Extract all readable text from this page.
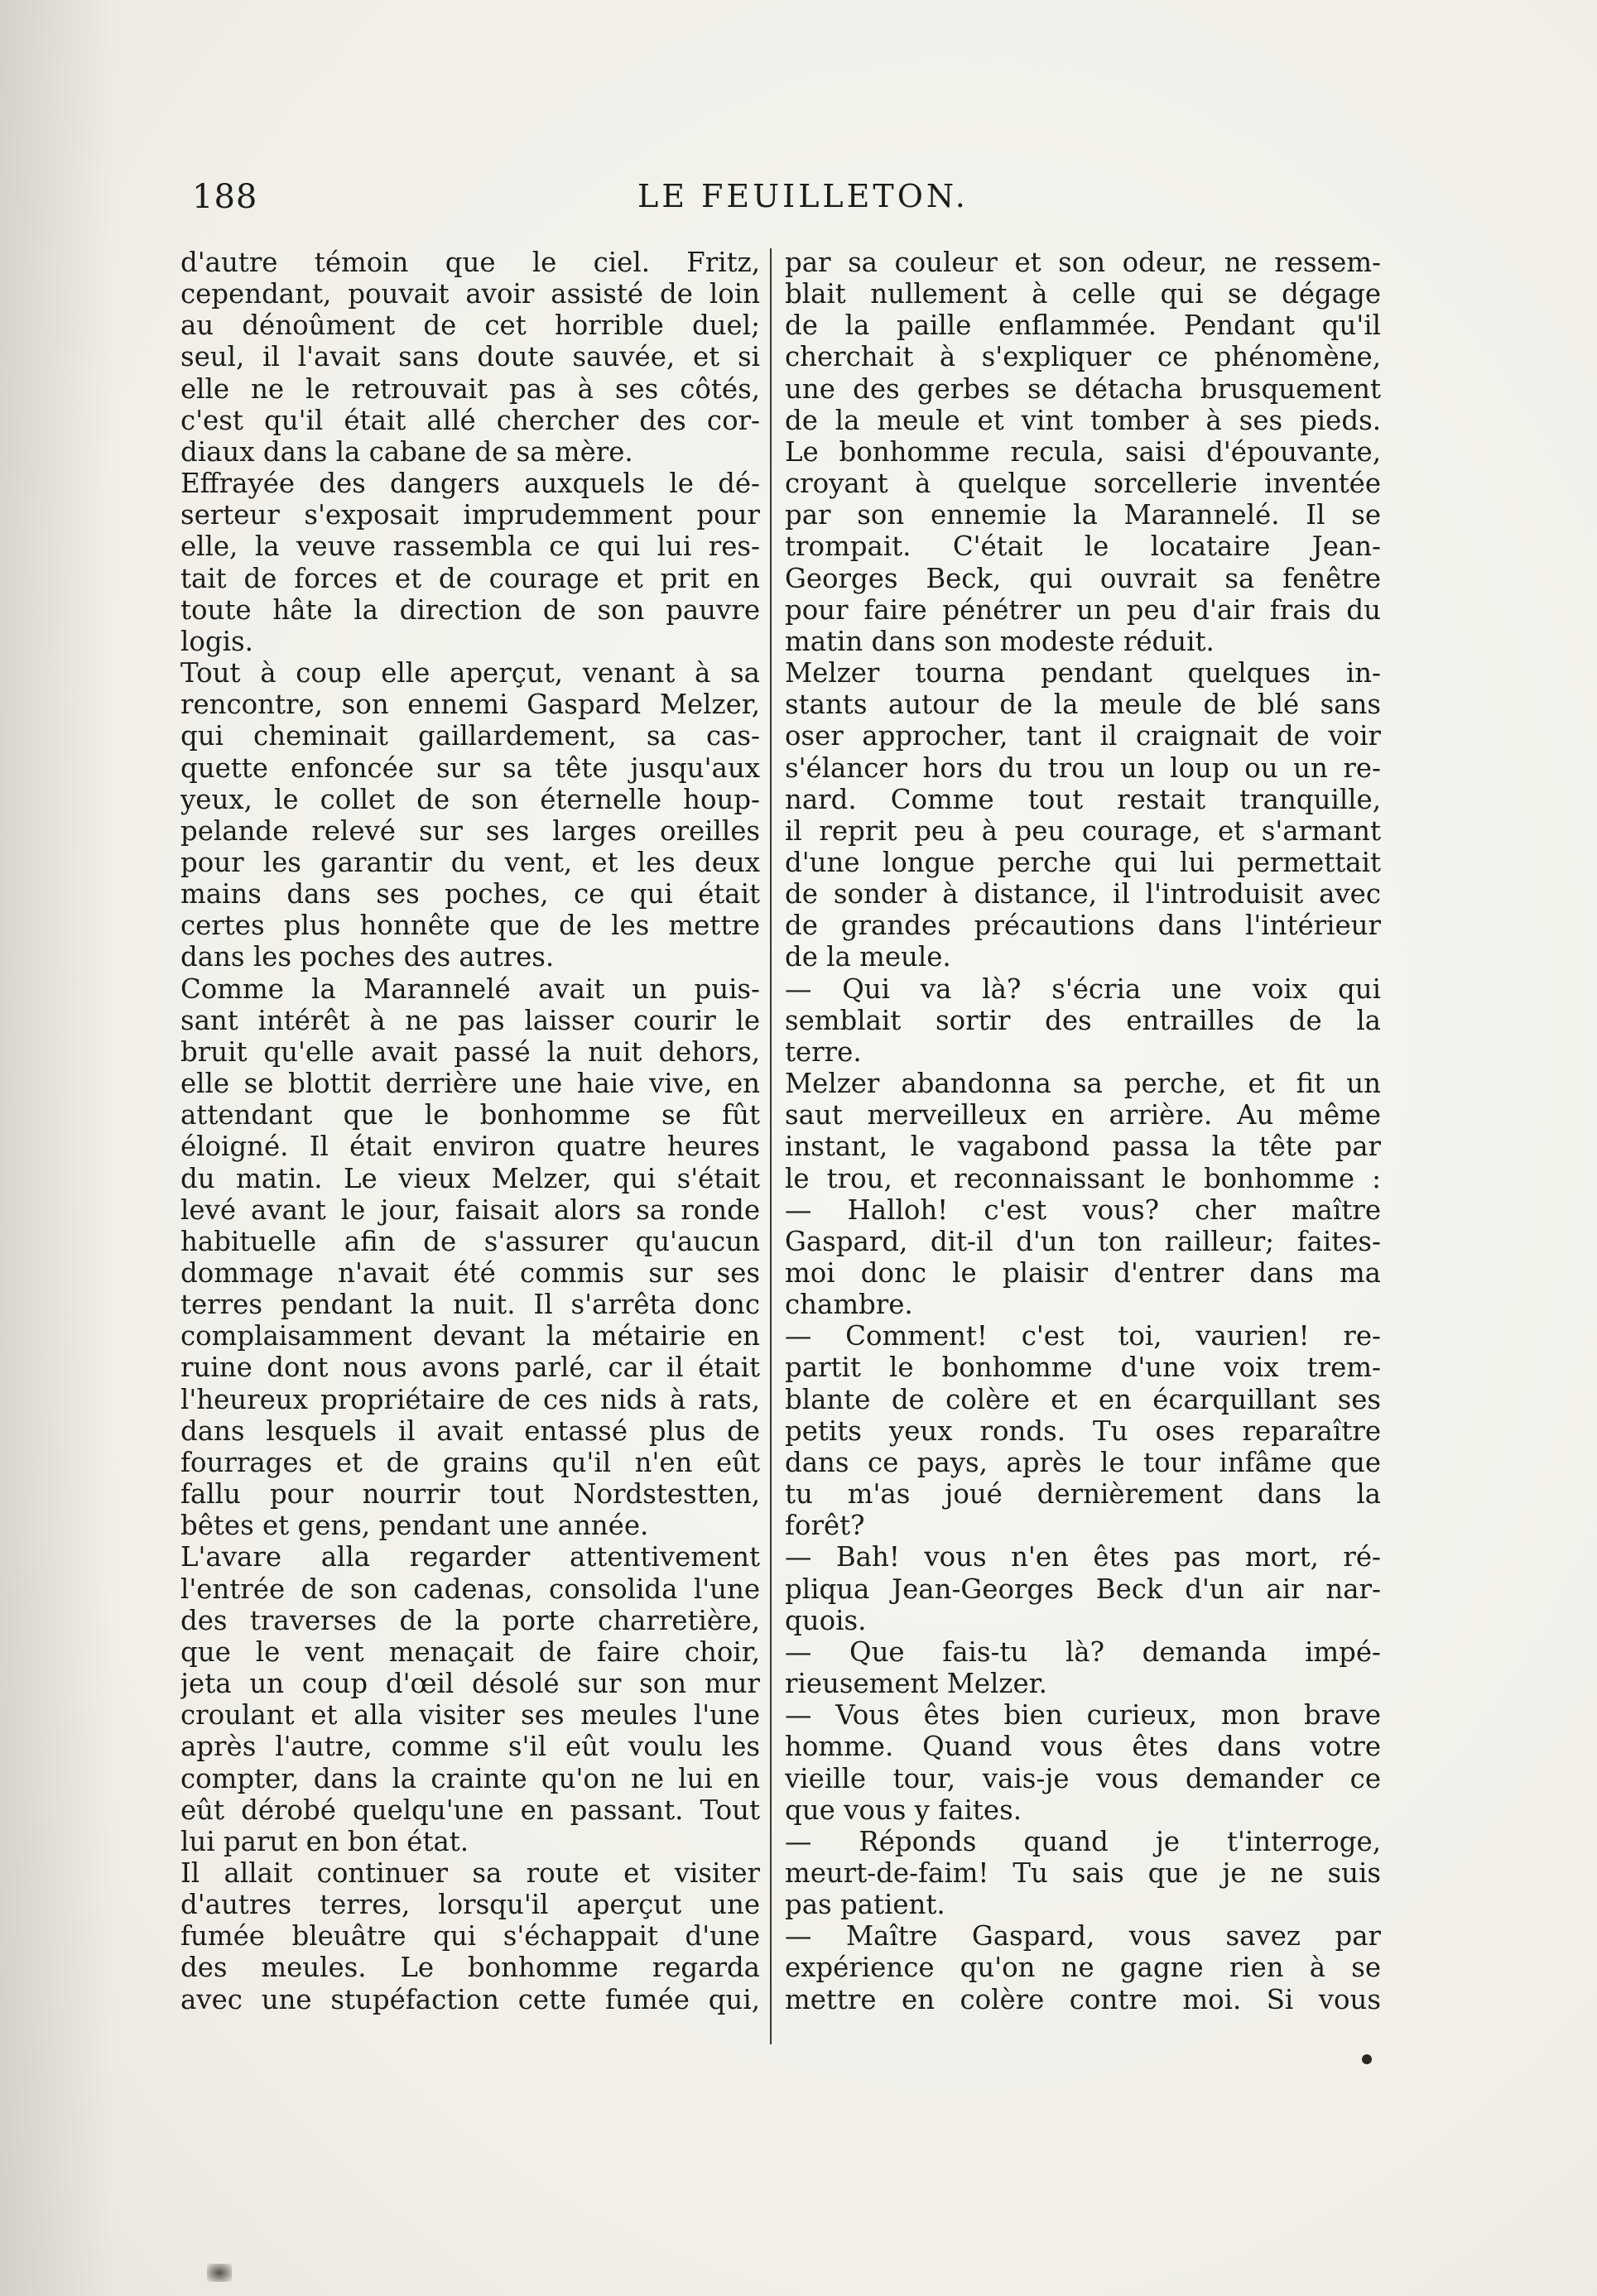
188	LE FEUILLETON.
d'autre témoin que le ciel. Fritz,
cependant, pouvait avoir assisté de loin
au dénoûment de cet horrible duel;
seul, il l'avait sans doute sauvée, et si
elle ne le retrouvait pas à ses côtés,
c'est qu'il était allé chercher des cor-
diaux dans la cabane de sa mère.
Effrayée des dangers auxquels le dé-
serteur s'exposait imprudemment pour
elle, la veuve rassembla ce qui lui res-
tait de forces et de courage et prit en
toute hâte la direction de son pauvre
logis.
Tout à coup elle aperçut, venant à sa
rencontre, son ennemi Gaspard Melzer,
qui cheminait gaillardement, sa cas-
quette enfoncée sur sa tête jusqu'aux
yeux, le collet de son éternelle houp-
pelande relevé sur ses larges oreilles
pour les garantir du vent, et les deux
mains dans ses poches, ce qui était
certes plus honnête que de les mettre
dans les poches des autres.
Comme la Marannelé avait un puis-
sant intérêt à ne pas laisser courir le
bruit qu'elle avait passé la nuit dehors,
elle se blottit derrière une haie vive, en
attendant que le bonhomme se fût
éloigné. Il était environ quatre heures
du matin. Le vieux Melzer, qui s'était
levé avant le jour, faisait alors sa ronde
habituelle afin de s'assurer qu'aucun
dommage n'avait été commis sur ses
terres pendant la nuit. Il s'arrêta donc
complaisamment devant la métairie en
ruine dont nous avons parlé, car il était
l'heureux propriétaire de ces nids à rats,
dans lesquels il avait entassé plus de
fourrages et de grains qu'il n'en eût
fallu pour nourrir tout Nordstestten,
bêtes et gens, pendant une année.
L'avare alla regarder attentivement
l'entrée de son cadenas, consolida l'une
des traverses de la porte charretière,
que le vent menaçait de faire choir,
jeta un coup d'œil désolé sur son mur
croulant et alla visiter ses meules l'une
après l'autre, comme s'il eût voulu les
compter, dans la crainte qu'on ne lui en
eût dérobé quelqu'une en passant. Tout
lui parut en bon état.
Il allait continuer sa route et visiter
d'autres terres, lorsqu'il aperçut une
fumée bleuâtre qui s'échappait d'une
des meules. Le bonhomme regarda
avec une stupéfaction cette fumée qui,
par sa couleur et son odeur, ne ressem-
blait nullement à celle qui se dégage
de la paille enflammée. Pendant qu'il
cherchait à s'expliquer ce phénomène,
une des gerbes se détacha brusquement
de la meule et vint tomber à ses pieds.
Le bonhomme recula, saisi d'épouvante,
croyant à quelque sorcellerie inventée
par son ennemie la Marannelé. Il se
trompait. C'était le locataire Jean-
Georges Beck, qui ouvrait sa fenêtre
pour faire pénétrer un peu d'air frais du
matin dans son modeste réduit.
Melzer tourna pendant quelques in-
stants autour de la meule de blé sans
oser approcher, tant il craignait de voir
s'élancer hors du trou un loup ou un re-
nard. Comme tout restait tranquille,
il reprit peu à peu courage, et s'armant
d'une longue perche qui lui permettait
de sonder à distance, il l'introduisit avec
de grandes précautions dans l'intérieur
de la meule.
— Qui va là? s'écria une voix qui
semblait sortir des entrailles de la
terre.
Melzer abandonna sa perche, et fit un
saut merveilleux en arrière. Au même
instant, le vagabond passa la tête par
le trou, et reconnaissant le bonhomme :
— Halloh! c'est vous? cher maître
Gaspard, dit-il d'un ton railleur; faites-
moi donc le plaisir d'entrer dans ma
chambre.
— Comment! c'est toi, vaurien! re-
partit le bonhomme d'une voix trem-
blante de colère et en écarquillant ses
petits yeux ronds. Tu oses reparaître
dans ce pays, après le tour infâme que
tu m'as joué dernièrement dans la
forêt?
— Bah! vous n'en êtes pas mort, ré-
pliqua Jean-Georges Beck d'un air nar-
quois.
— Que fais-tu là? demanda impé-
rieusement Melzer.
— Vous êtes bien curieux, mon brave
homme. Quand vous êtes dans votre
vieille tour, vais-je vous demander ce
que vous y faites.
— Réponds quand je t'interroge,
meurt-de-faim! Tu sais que je ne suis
pas patient.
— Maître Gaspard, vous savez par
expérience qu'on ne gagne rien à se
mettre en colère contre moi. Si vous
